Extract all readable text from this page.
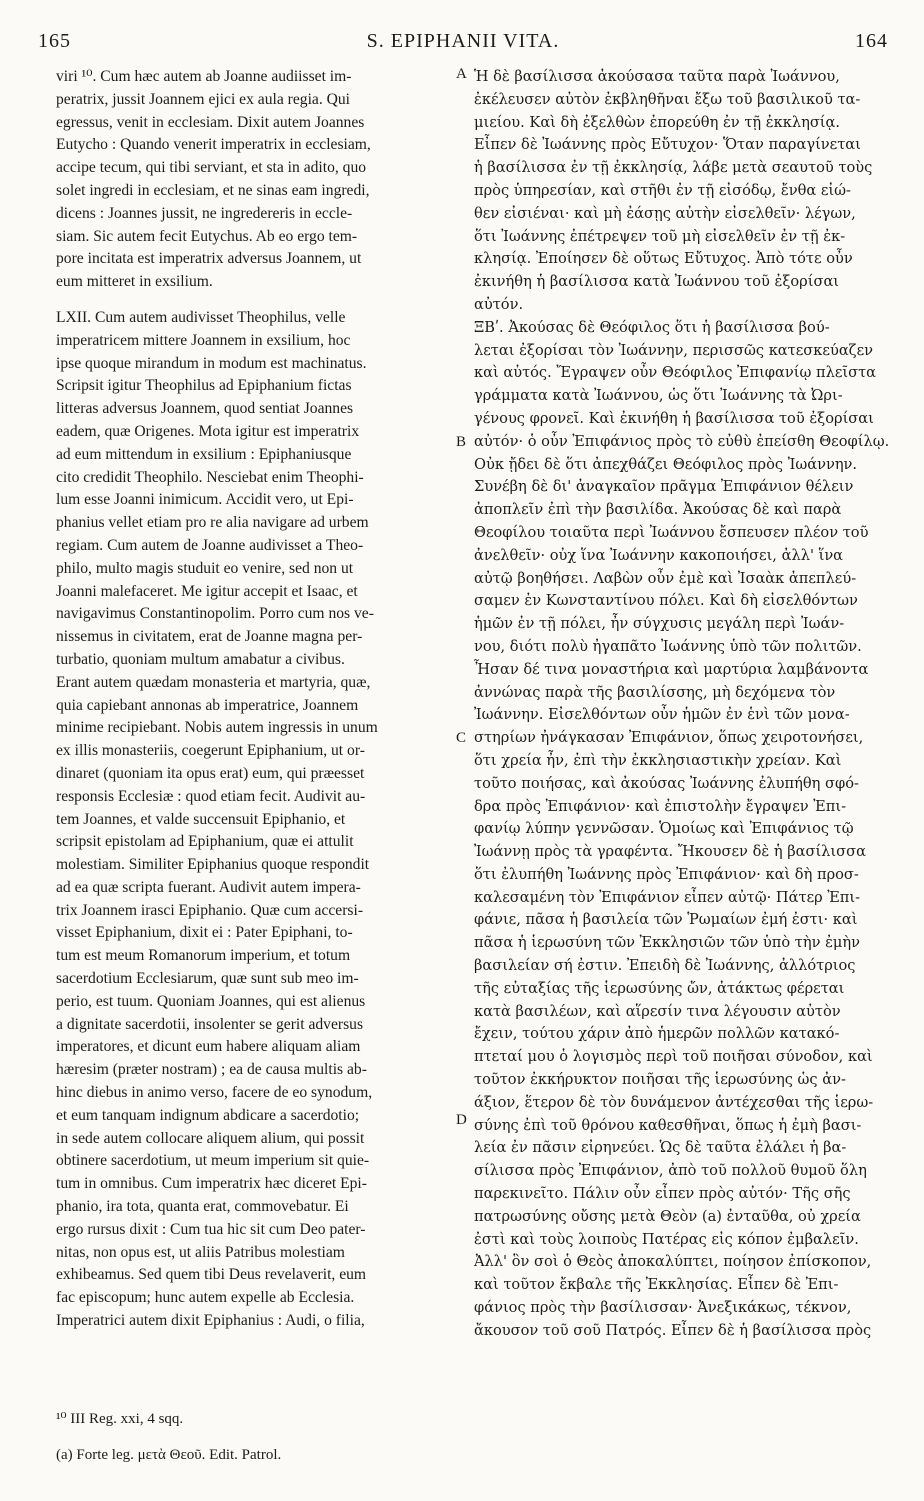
165	S. EPIPHANII VITA.	164
viri ¹⁰. Cum hæc autem ab Joanne audiisset im-
peratrix, jussit Joannem ejici ex aula regia. Qui
egressus, venit in ecclesiam. Dixit autem Joannes
Eutycho : Quando venerit imperatrix in ecclesiam,
accipe tecum, qui tibi serviant, et sta in adito, quo
solet ingredi in ecclesiam, et ne sinas eam ingredi,
dicens : Joannes jussit, ne ingredereris in eccle-
siam. Sic autem fecit Eutychus. Ab eo ergo tem-
pore incitata est imperatrix adversus Joannem, ut
eum mitteret in exsilium.
LXII. Cum autem audivisset Theophilus, velle
imperatricem mittere Joannem in exsilium, hoc
ipse quoque mirandum in modum est machinatus.
Scripsit igitur Theophilus ad Epiphanium fictas
litteras adversus Joannem, quod sentiat Joannes
eadem, quæ Origenes. Mota igitur est imperatrix
ad eum mittendum in exsilium : Epiphaniusque
cito credidit Theophilo. Nesciebat enim Theophi-
lum esse Joanni inimicum. Accidit vero, ut Epi-
phanius vellet etiam pro re alia navigare ad urbem
regiam. Cum autem de Joanne audivisset a Theo-
philo, multo magis studuit eo venire, sed non ut
Joanni malefaceret. Me igitur accepit et Isaac, et
navigavimus Constantinopolim. Porro cum nos ve-
nissemus in civitatem, erat de Joanne magna per-
turbatio, quoniam multum amabatur a civibus.
Erant autem quædam monasteria et martyria, quæ,
quia capiebant annonas ab imperatrice, Joannem
minime recipiebant. Nobis autem ingressis in unum
ex illis monasteriis, coegerunt Epiphanium, ut or-
dinaret (quoniam ita opus erat) eum, qui præesset
responsis Ecclesiæ : quod etiam fecit. Audivit au-
tem Joannes, et valde succensuit Epiphanio, et
scripsit epistolam ad Epiphanium, quæ ei attulit
molestiam. Similiter Epiphanius quoque respondit
ad ea quæ scripta fuerant. Audivit autem impera-
trix Joannem irasci Epiphanio. Quæ cum accersi-
visset Epiphanium, dixit ei : Pater Epiphani, to-
tum est meum Romanorum imperium, et totum
sacerdotium Ecclesiarum, quæ sunt sub meo im-
perio, est tuum. Quoniam Joannes, qui est alienus
a dignitate sacerdotii, insolenter se gerit adversus
imperatores, et dicunt eum habere aliquam aliam
hæresim (præter nostram) ; ea de causa multis ab-
hinc diebus in animo verso, facere de eo synodum,
et eum tanquam indignum abdicare a sacerdotio;
in sede autem collocare aliquem alium, qui possit
obtinere sacerdotium, ut meum imperium sit quie-
tum in omnibus. Cum imperatrix hæc diceret Epi-
phanio, ira tota, quanta erat, commovebatur. Ei
ergo rursus dixit : Cum tua hic sit cum Deo pater-
nitas, non opus est, ut aliis Patribus molestiam
exhibeamus. Sed quem tibi Deus revelaverit, eum
fac episcopum; hunc autem expelle ab Ecclesia.
Imperatrici autem dixit Epiphanius : Audi, o filia,
Ἡ δὲ βασίλισσα ἀκούσασα ταῦτα παρὰ Ἰωάννου,
ἐκέλευσεν αὐτὸν ἐκβληθῆναι ἔξω τοῦ βασιλικοῦ τα-
μιείου. Καὶ δὴ ἐξελθὼν ἐπορεύθη ἐν τῇ ἐκκλησίᾳ.
Εἶπεν δὲ Ἰωάννης πρὸς Εὔτυχον· Ὅταν παραγίνεται
ἡ βασίλισσα ἐν τῇ ἐκκλησίᾳ, λάβε μετὰ σεαυτοῦ τοὺς
πρὸς ὑπηρεσίαν, καὶ στῆθι ἐν τῇ εἰσόδῳ, ἔνθα εἰώ-
θεν εἰσιέναι· καὶ μὴ ἐάσῃς αὐτὴν εἰσελθεῖν· λέγων,
ὅτι Ἰωάννης ἐπέτρεψεν τοῦ μὴ εἰσελθεῖν ἐν τῇ ἐκ-
κλησίᾳ. Ἐποίησεν δὲ οὕτως Εὔτυχος. Ἀπὸ τότε οὖν
ἐκινήθη ἡ βασίλισσα κατὰ Ἰωάννου τοῦ ἐξορίσαι
αὐτόν.
ΞΒʹ. Ἀκούσας δὲ Θεόφιλος ὅτι ἡ βασίλισσα βού-
λεται ἐξορίσαι τὸν Ἰωάννην, περισσῶς κατεσκεύαζεν
καὶ αὐτός. Ἔγραψεν οὖν Θεόφιλος Ἐπιφανίῳ πλεῖστα
γράμματα κατὰ Ἰωάννου, ὡς ὅτι Ἰωάννης τὰ Ὠρι-
γένους φρονεῖ. Καὶ ἐκινήθη ἡ βασίλισσα τοῦ ἐξορίσαι
αὐτόν· ὁ οὖν Ἐπιφάνιος πρὸς τὸ εὐθὺ ἐπείσθη Θεοφίλῳ.
Οὐκ ᾔδει δὲ ὅτι ἀπεχθάζει Θεόφιλος πρὸς Ἰωάννην.
Συνέβη δὲ δι' ἀναγκαῖον πρᾶγμα Ἐπιφάνιον θέλειν
ἀποπλεῖν ἐπὶ τὴν βασιλίδα. Ἀκούσας δὲ καὶ παρὰ
Θεοφίλου τοιαῦτα περὶ Ἰωάννου ἔσπευσεν πλέον τοῦ
ἀνελθεῖν· οὐχ ἵνα Ἰωάννην κακοποιήσει, ἀλλ' ἵνα
αὐτῷ βοηθήσει. Λαβὼν οὖν ἐμὲ καὶ Ἰσαὰκ ἀπεπλεύ-
σαμεν ἐν Κωνσταντίνου πόλει. Καὶ δὴ εἰσελθόντων
ἡμῶν ἐν τῇ πόλει, ἦν σύγχυσις μεγάλη περὶ Ἰωάν-
νου, διότι πολὺ ἠγαπᾶτο Ἰωάννης ὑπὸ τῶν πολιτῶν.
Ἦσαν δέ τινα μοναστήρια καὶ μαρτύρια λαμβάνοντα
ἀννώνας παρὰ τῆς βασιλίσσης, μὴ δεχόμενα τὸν
Ἰωάννην. Εἰσελθόντων οὖν ἡμῶν ἐν ἑνὶ τῶν μονα-
στηρίων ἠνάγκασαν Ἐπιφάνιον, ὅπως χειροτονήσει,
ὅτι χρεία ἦν, ἐπὶ τὴν ἐκκλησιαστικὴν χρείαν. Καὶ
τοῦτο ποιήσας, καὶ ἀκούσας Ἰωάννης ἐλυπήθη σφό-
δρα πρὸς Ἐπιφάνιον· καὶ ἐπιστολὴν ἔγραψεν Ἐπι-
φανίῳ λύπην γεννῶσαν. Ὁμοίως καὶ Ἐπιφάνιος τῷ
Ἰωάννῃ πρὸς τὰ γραφέντα. Ἤκουσεν δὲ ἡ βασίλισσα
ὅτι ἐλυπήθη Ἰωάννης πρὸς Ἐπιφάνιον· καὶ δὴ προσ-
καλεσαμένη τὸν Ἐπιφάνιον εἶπεν αὐτῷ· Πάτερ Ἐπι-
φάνιε, πᾶσα ἡ βασιλεία τῶν Ῥωμαίων ἐμή ἐστι· καὶ
πᾶσα ἡ ἱερωσύνη τῶν Ἐκκλησιῶν τῶν ὑπὸ τὴν ἐμὴν
βασιλείαν σή ἐστιν. Ἐπειδὴ δὲ Ἰωάννης, ἀλλότριος
τῆς εὐταξίας τῆς ἱερωσύνης ὤν, ἀτάκτως φέρεται
κατὰ βασιλέων, καὶ αἵρεσίν τινα λέγουσιν αὐτὸν
ἔχειν, τούτου χάριν ἀπὸ ἡμερῶν πολλῶν κατακό-
πτεταί μου ὁ λογισμὸς περὶ τοῦ ποιῆσαι σύνοδον, καὶ
τοῦτον ἐκκήρυκτον ποιῆσαι τῆς ἱερωσύνης ὡς ἀν-
άξιον, ἕτερον δὲ τὸν δυνάμενον ἀντέχεσθαι τῆς ἱερω-
σύνης ἐπὶ τοῦ θρόνου καθεσθῆναι, ὅπως ἡ ἐμὴ βασι-
λεία ἐν πᾶσιν εἰρηνεύει. Ὡς δὲ ταῦτα ἐλάλει ἡ βα-
σίλισσα πρὸς Ἐπιφάνιον, ἀπὸ τοῦ πολλοῦ θυμοῦ ὅλη
παρεκινεῖτο. Πάλιν οὖν εἶπεν πρὸς αὐτόν· Τῆς σῆς
πατρωσύνης οὔσης μετὰ Θεὸν (a) ἐνταῦθα, οὐ χρεία
ἐστὶ καὶ τοὺς λοιποὺς Πατέρας εἰς κόπον ἐμβαλεῖν.
Ἀλλ' ὃν σοὶ ὁ Θεὸς ἀποκαλύπτει, ποίησον ἐπίσκοπον,
καὶ τοῦτον ἔκβαλε τῆς Ἐκκλησίας. Εἶπεν δὲ Ἐπι-
φάνιος πρὸς τὴν βασίλισσαν· Ἀνεξικάκως, τέκνον,
ἄκουσον τοῦ σοῦ Πατρός. Εἶπεν δὲ ἡ βασίλισσα πρὸς
A
B
C
D
¹⁰ III Reg. xxi, 4 sqq.
(a) Forte leg. μετὰ Θεοῦ. Edit. Patrol.
